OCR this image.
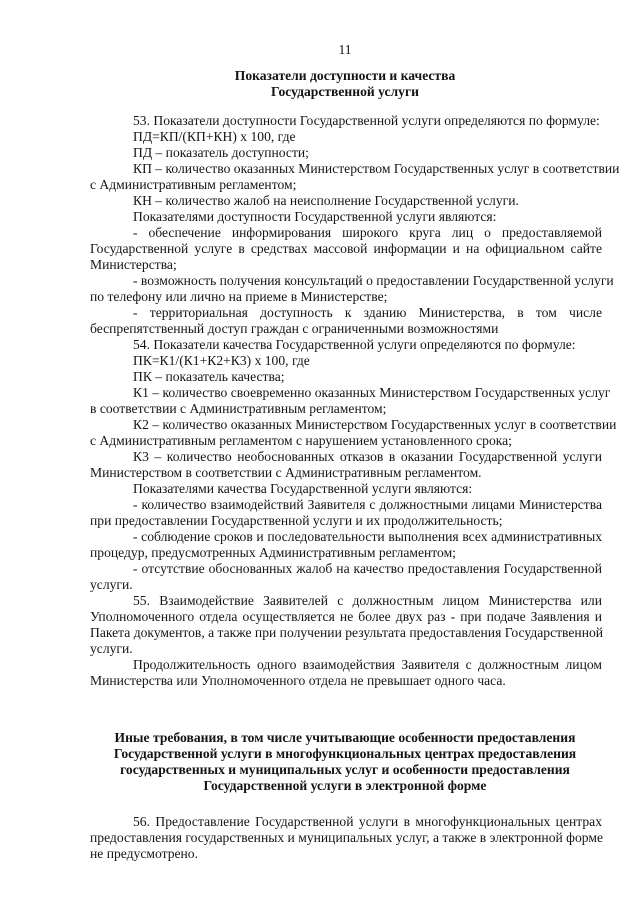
11
Показатели доступности и качества
Государственной услуги
53. Показатели доступности Государственной услуги определяются по формуле:
ПД=КП/(КП+КН) х 100, где
ПД – показатель доступности;
КП – количество оказанных Министерством Государственных услуг в соответствии
с Административным регламентом;
КН – количество жалоб на неисполнение Государственной услуги.
Показателями доступности Государственной услуги являются:
- обеспечение информирования широкого круга лиц о предоставляемой
Государственной услуге в средствах массовой информации и на официальном сайте
Министерства;
- возможность получения консультаций о предоставлении Государственной услуги
по телефону или лично на приеме в Министерстве;
- территориальная доступность к зданию Министерства, в том числе
беспрепятственный доступ граждан с ограниченными возможностями
54. Показатели качества Государственной услуги определяются по формуле:
ПК=К1/(К1+К2+К3) х 100, где
ПК – показатель качества;
К1 – количество своевременно оказанных Министерством Государственных услуг
в соответствии с Административным регламентом;
К2 – количество оказанных Министерством Государственных услуг в соответствии
с Административным регламентом с нарушением установленного срока;
К3 – количество необоснованных отказов в оказании Государственной услуги
Министерством в соответствии с Административным регламентом.
Показателями качества Государственной услуги являются:
- количество взаимодействий Заявителя с должностными лицами Министерства
при предоставлении Государственной услуги и их продолжительность;
- соблюдение сроков и последовательности выполнения всех административных
процедур, предусмотренных Административным регламентом;
- отсутствие обоснованных жалоб на качество предоставления Государственной
услуги.
55. Взаимодействие Заявителей с должностным лицом Министерства или
Уполномоченного отдела осуществляется не более двух раз - при подаче Заявления и
Пакета документов, а также при получении результата предоставления Государственной
услуги.
Продолжительность одного взаимодействия Заявителя с должностным лицом
Министерства или Уполномоченного отдела не превышает одного часа.
Иные требования, в том числе учитывающие особенности предоставления
Государственной услуги в многофункциональных центрах предоставления
государственных и муниципальных услуг и особенности предоставления
Государственной услуги в электронной форме
56. Предоставление Государственной услуги в многофункциональных центрах
предоставления государственных и муниципальных услуг, а также в электронной форме
не предусмотрено.
